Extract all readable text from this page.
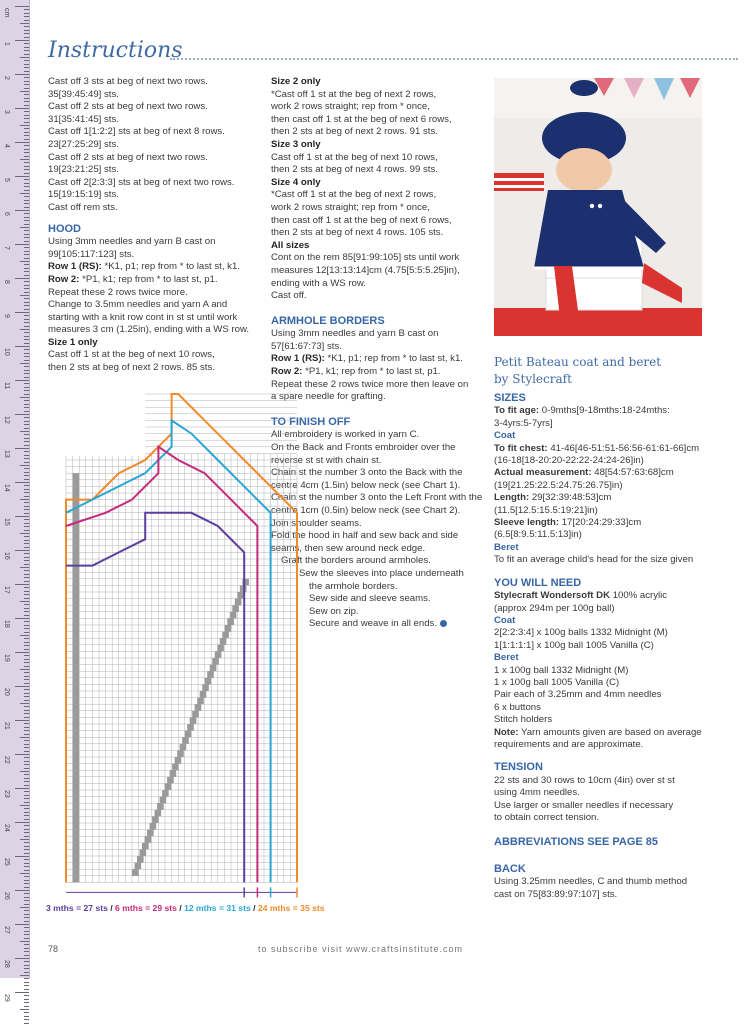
cm
1
2
3
4
5
6
7
8
9
10
11
12
13
14
15
16
17
18
19
20
21
22
23
24
25
26
27
28
29
Instructions

Cast off 3 sts at beg of next two rows.

35[39:45:49] sts.

Cast off 2 sts at beg of next two rows.

31[35:41:45] sts.

Cast off 1[1:2:2] sts at beg of next 8 rows.

23[27:25:29] sts.

Cast off 2 sts at beg of next two rows.

19[23:21:25] sts.

Cast off 2[2:3:3] sts at beg of next two rows.

15[19:15:19] sts.

Cast off rem sts.

HOOD

Using 3mm needles and yarn B cast on

99[105:117:123] sts.

Row 1 (RS): *K1, p1; rep from * to last st, k1.

Row 2: *P1, k1; rep from * to last st, p1.

Repeat these 2 rows twice more.

Change to 3.5mm needles and yarn A and

starting with a knit row cont in st st until work

measures 3 cm (1.25in), ending with a WS row.

Size 1 only

Cast off 1 st at the beg of next 10 rows,

then 2 sts at beg of next 2 rows. 85 sts.

Size 2 only

*Cast off 1 st at the beg of next 2 rows,

work 2 rows straight; rep from * once,

then cast off 1 st at the beg of next 6 rows,

then 2 sts at beg of next 2 rows. 91 sts.

Size 3 only

Cast off 1 st at the beg of next 10 rows,

then 2 sts at beg of next 4 rows. 99 sts.

Size 4 only

*Cast off 1 st at the beg of next 2 rows,

work 2 rows straight; rep from * once,

then cast off 1 st at the beg of next 6 rows,

then 2 sts at beg of next 4 rows. 105 sts.

All sizes

Cont on the rem 85[91:99:105] sts until work

measures 12[13:13:14]cm (4.75[5:5:5.25]in),

ending with a WS row.

Cast off.

ARMHOLE BORDERS

Using 3mm needles and yarn B cast on

57[61:67:73] sts.

Row 1 (RS): *K1, p1; rep from * to last st, k1.

Row 2: *P1, k1; rep from * to last st, p1.

Repeat these 2 rows twice more then leave on

a spare needle for grafting.

TO FINISH OFF

All embroidery is worked in yarn C.

On the Back and Fronts embroider over the

reverse st st with chain st.

Chain st the number 3 onto the Back with the

centre 4cm (1.5in) below neck (see Chart 1).

Chain st the number 3 onto the Left Front with the

centre 1cm (0.5in) below neck (see Chart 2).

Join shoulder seams.

Fold the hood in half and sew back and side

seams, then sew around neck edge.

Graft the borders around armholes.

Sew the sleeves into place underneath

the armhole borders.

Sew side and sleeve seams.

Sew on zip.

Secure and weave in all ends.

3 mths = 27 sts / 6 mths = 29 sts / 12 mths = 31 sts / 24 mths = 35 sts
Petit Bateau coat and beret
by Stylecraft
SIZES

To fit age: 0-9mths[9-18mths:18-24mths:

3-4yrs:5-7yrs]

Coat

To fit chest: 41-46[46-51:51-56:56-61:61-66]cm

(16-18[18-20:20-22:22-24:24-26]in)

Actual measurement: 48[54:57:63:68]cm

(19[21.25:22.5:24.75:26.75]in)

Length: 29[32:39:48:53]cm

(11.5[12.5:15.5:19:21]in)

Sleeve length: 17[20:24:29:33]cm

(6.5[8:9.5:11.5:13]in)

Beret

To fit an average child's head for the size given

YOU WILL NEED

Stylecraft Wondersoft DK 100% acrylic

(approx 294m per 100g ball)

Coat

2[2:2:3:4] x 100g balls 1332 Midnight (M)

1[1:1:1:1] x 100g ball 1005 Vanilla (C)

Beret

1 x 100g ball 1332 Midnight (M)

1 x 100g ball 1005 Vanilla (C)

Pair each of 3.25mm and 4mm needles

6 x buttons

Stitch holders

Note: Yarn amounts given are based on average

requirements and are approximate.

TENSION

22 sts and 30 rows to 10cm (4in) over st st

using 4mm needles.

Use larger or smaller needles if necessary

to obtain correct tension.

ABBREVIATIONS SEE PAGE 85
BACK

Using 3.25mm needles, C and thumb method

cast on 75[83:89:97:107] sts.

78	to subscribe visit www.craftsinstitute.com
